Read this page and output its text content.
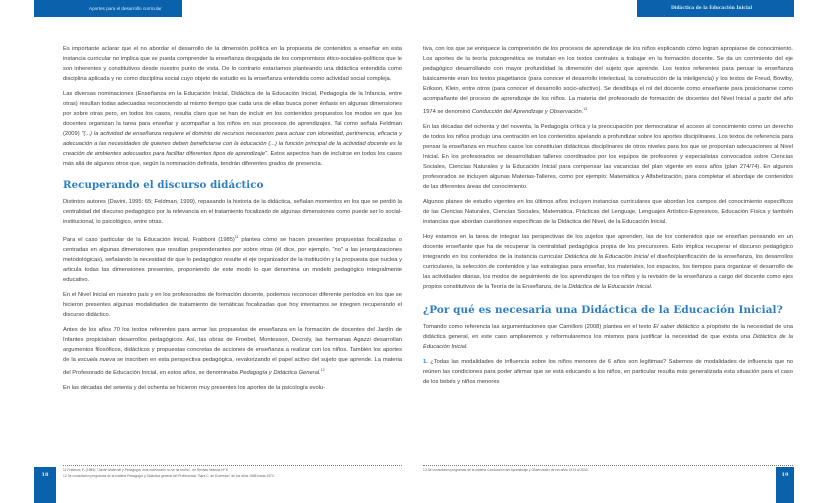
Aportes para el desarrollo curricular

Es importante aclarar que el no abordar el desarrollo de la dimensión política en la propuesta de contenidos a enseñar en esta instancia curricular no implica que se pueda comprender la enseñanza desgajada de los compromisos ético-sociales-políticos que le son inherentes y constitutivos desde nuestro punto de vista. De lo contrario estaríamos planteando una didáctica entendida como disciplina aplicada y no como disciplina social cuyo objeto de estudio es la enseñanza entendida como actividad social compleja.

Las diversas nominaciones (Enseñanza en la Educación Inicial, Didáctica de la Educación Inicial, Pedagogía de la Infancia, entre otras) resultan todas adecuadas reconociendo al mismo tiempo que cada una de ellas busca poner énfasis en algunas dimensiones por sobre otras pero, en todos los casos, resulta claro que se han de incluir en los contenidos propuestos los modos en que los docentes organizan la tarea para enseñar y acompañar a los niños en sus procesos de aprendizajes. Tal como señala Feldman (2009) "(...) la actividad de enseñanza requiere el dominio de recursos necesarios para actuar con idoneidad, pertinencia, eficacia y adecuación a las necesidades de quienes deben beneficiarse con la educación (...) la función principal de la actividad docente es la creación de ambientes adecuados para facilitar diferentes tipos de aprendizaje". Estos aspectos han de incluirse en todos los casos más allá de algunos otros que, según la nominación definida, tendrán diferentes grados de presencia.

Recuperando el discurso didáctico

Distintos autores (Davini, 1995: 65; Feldman, 1999), repasando la historia de la didáctica, señalan momentos en los que se perdió la centralidad del discurso pedagógico por la relevancia en el tratamiento focalizado de algunas dimensiones como puede ser lo social-institucional, lo psicológico, entre otras.

Para el caso particular de la Educación Inicial, Frabboni $(1985)^{11}$ plantea cómo se hacen presentes propuestas focalizadas o centradas en algunas dimensiones que resultan preponderantes por sobre otras (él dice, por ejemplo, "no" a las jerarquizaciones metodológicas), señalando la necesidad de que lo pedagógico resulte el eje organizador de la institución y la propuesta que nuclea y articula todas las dimensiones presentes, proponiendo de este modo lo que denomina un modelo pedagógico integralmente educativo.

En el Nivel Inicial en nuestro país y en los profesorados de formación docente, podemos reconocer diferente períodos en los que se hicieron presentes algunas modalidades de tratamiento de temáticas focalizadas que hoy intentamos se integren recuperando el discurso didáctico.

Antes de los años 70 los textos referentes para armar las propuestas de enseñanza en la formación de docentes del Jardín de Infantes propiciaban desarrollos pedagógicos. Así, las obras de Froebel, Montessori, Decroly, las hermanas Agazzi desarrollan argumentos filosóficos, didácticos y propuestas concretas de acciones de enseñanza a realizar con los niños. También los aportes de la escuela nueva se inscriben en esta perspectiva pedagógica, revalorizando el papel activo del sujeto que aprende. La materia del Profesorado de Educación Inicial, en estos años, se denominaba Pedagogía y Didáctica General.$^{12}$

En las décadas del setenta y del ochenta se hicieron muy presentes los aportes de la psicología evolu-

11 Frabboni, F. (1985): "Jardín Maternal y Pedagogía, este matrimonio no se ha hecho", en Revista Infancia Nº 8.

12 Se consultaron programas de la materia Pedagogía y Didáctica general del Profesorado "Sara C. de Eccleston" de los años 1968 hasta 1973.

18
Didáctica de la Educación Inicial

tiva, con los que se enriquece la comprensión de los procesos de aprendizaje de los niños explicando cómo logran apropiarse de conocimiento. Los aportes de la teoría psicogenética se instalan en los textos centrales a trabajar en la formación docente. Se da un corrimiento del eje pedagógico desarrollando con mayor profundidad la dimensión del sujeto que aprende. Los textos referentes para pensar la enseñanza básicamente eran los textos piagetianos (para conocer el desarrollo intelectual, la construcción de la inteligencia) y los textos de Freud, Bowlby, Erikson, Klein, entre otros (para conocer el desarrollo socio-afectivo). Se desdibuja el rol del docente como enseñante para posicionarse como acompañante del proceso de aprendizaje de los niños. La materia del profesorado de formación de docentes del Nivel Inicial a partir del año 1974 se denominó Conducción del Aprendizaje y Observación.$^{13}$

En las décadas del ochenta y del noventa, la Pedagogía crítica y la preocupación por democratizar el acceso al conocimiento como un derecho de todos los niños produjo una centración en los contenidos apelando a profundizar sobre los aportes disciplinares. Los textos de referencia para pensar la enseñanza en muchos casos los constituían didácticas disciplinares de otros niveles para los que se proponían adecuaciones al Nivel Inicial. En los profesorados se desarrollaban talleres coordinados por los equipos de profesores y especialistas convocados sobre Ciencias Sociales, Ciencias Naturales y la Educación Inicial para compensar las vacancias del plan vigente en esos años (plan 274/74). En algunos profesorados se incluyen algunas Materias-Talleres, como por ejemplo: Matemática y Alfabetización, para completar el abordaje de contenidos de las diferentes áreas del conocimiento.

Algunos planes de estudio vigentes en los últimos años incluyen instancias curriculares que abordan los campos del conocimiento específicos de las Ciencias Naturales, Ciencias Sociales, Matemática, Prácticas del Lenguaje, Lenguajes Artístico-Expresivos, Educación Física y también instancias que abordan cuestiones específicas de la Didáctica del Nivel, de la Educación Inicial.

Hoy estamos en la tarea de integrar las perspectivas de los sujetos que aprenden, las de los contenidos que se enseñan pensando en un docente enseñante que ha de recuperar la centralidad pedagógica propia de los precursores. Esto implica recuperar el discurso pedagógico integrando en los contenidos de la instancia curricular Didáctica de la Educación Inicial el diseño/planificación de la enseñanza, los desarrollos curriculares, la selección de contenidos y las estrategias para enseñar, los materiales, los espacios, los tiempos para organizar el desarrollo de las actividades diarias, los modos de seguimiento de los aprendizajes de los niños y la revisión de la enseñanza a cargo del docente como ejes propios constitutivos de la Teoría de la Enseñanza, de la Didáctica de la Educación Inicial.

¿Por qué es necesaria una Didáctica de la Educación Inicial?

Tomando como referencia las argumentaciones que Camilloni (2008) plantea en el texto El saber didáctico a propósito de la necesidad de una didáctica general, en este caso ampliaremos y reformularemos los mismos para justificar la necesidad de que exista una Didáctica de la Educación Inicial.

1. ¿Todas las modalidades de influencia sobre los niños menores de 6 años son legítimas? Sabemos de modalidades de influencia que no reúnen las condiciones para poder afirmar que se está educando a los niños, en particular resulta más generalizada esta situación para el caso de los bebés y niños menores

13 Se consultaron programas de la materia Conducción del Aprendizaje y Observación de los años 1974 al 2000.

19
